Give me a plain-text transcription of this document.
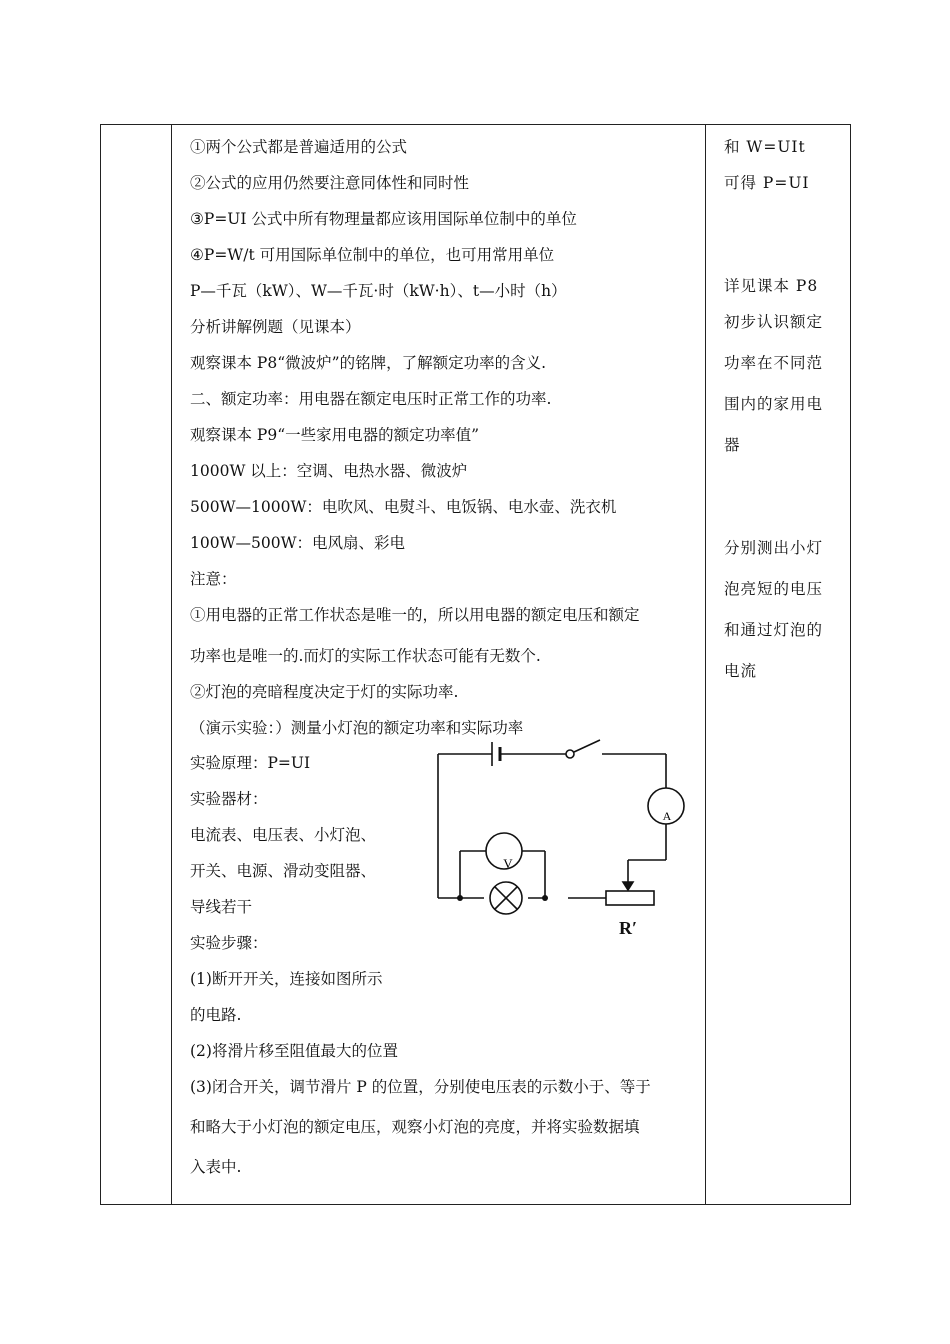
①两个公式都是普遍适用的公式
②公式的应用仍然要注意同体性和同时性
③P=UI 公式中所有物理量都应该用国际单位制中的单位
④P=W/t 可用国际单位制中的单位，也可用常用单位
P—千瓦（kW）、W—千瓦·时（kW·h）、t—小时（h）
分析讲解例题（见课本）
观察课本 P8“微波炉”的铭牌，了解额定功率的含义.
二、额定功率：用电器在额定电压时正常工作的功率.
观察课本 P9“一些家用电器的额定功率值”
1000W 以上：空调、电热水器、微波炉
500W—1000W：电吹风、电熨斗、电饭锅、电水壶、洗衣机
100W—500W：电风扇、彩电
注意：
①用电器的正常工作状态是唯一的，所以用电器的额定电压和额定
功率也是唯一的.而灯的实际工作状态可能有无数个.
②灯泡的亮暗程度决定于灯的实际功率.
（演示实验：）测量小灯泡的额定功率和实际功率
实验原理：P=UI
实验器材：
电流表、电压表、小灯泡、
开关、电源、滑动变阻器、
导线若干
实验步骤：
(1)断开开关，连接如图所示
的电路.
(2)将滑片移至阻值最大的位置
(3)闭合开关，调节滑片 P 的位置，分别使电压表的示数小于、等于
和略大于小灯泡的额定电压，观察小灯泡的亮度，并将实验数据填
入表中.
和 W=UIt
可得 P=UI
详见课本 P8
初步认识额定
功率在不同范
围内的家用电
器
分别测出小灯
泡亮短的电压
和通过灯泡的
电流
V
A
R′
